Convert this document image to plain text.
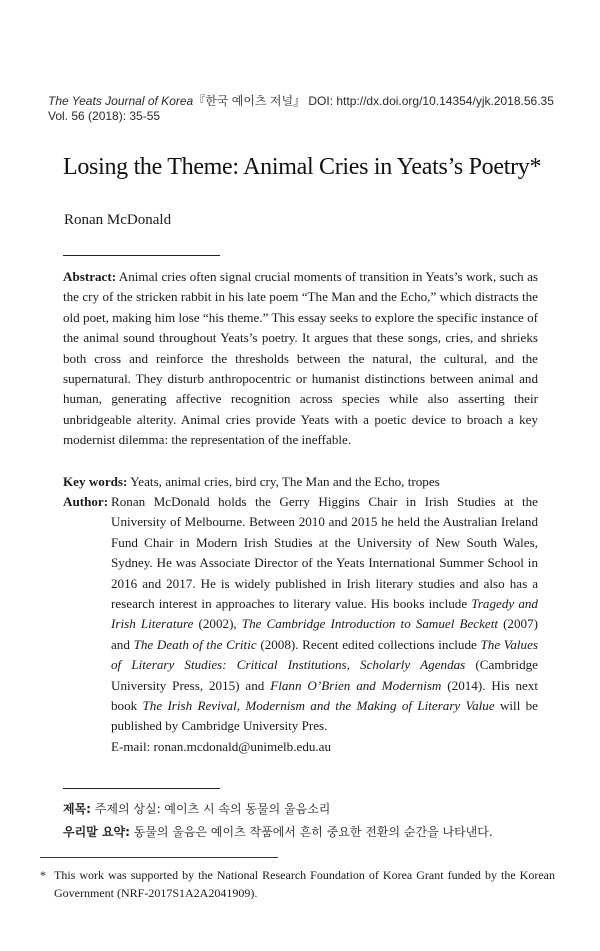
The Yeats Journal of Korea『한국 예이츠 저널』 DOI: http://dx.doi.org/10.14354/yjk.2018.56.35
Vol. 56 (2018): 35-55
Losing the Theme: Animal Cries in Yeats’s Poetry*
Ronan McDonald
Abstract: Animal cries often signal crucial moments of transition in Yeats’s work, such as the cry of the stricken rabbit in his late poem “The Man and the Echo,” which distracts the old poet, making him lose “his theme.” This essay seeks to explore the specific instance of the animal sound throughout Yeats’s poetry. It argues that these songs, cries, and shrieks both cross and reinforce the thresholds between the natural, the cultural, and the supernatural. They disturb anthropocentric or humanist distinctions between animal and human, generating affective recognition across species while also asserting their unbridgeable alterity. Animal cries provide Yeats with a poetic device to broach a key modernist dilemma: the representation of the ineffable.
Key words: Yeats, animal cries, bird cry, The Man and the Echo, tropes
Author: Ronan McDonald holds the Gerry Higgins Chair in Irish Studies at the University of Melbourne. Between 2010 and 2015 he held the Australian Ireland Fund Chair in Modern Irish Studies at the University of New South Wales, Sydney. He was Associate Director of the Yeats International Summer School in 2016 and 2017. He is widely published in Irish literary studies and also has a research interest in approaches to literary value. His books include Tragedy and Irish Literature (2002), The Cambridge Introduction to Samuel Beckett (2007) and The Death of the Critic (2008). Recent edited collections include The Values of Literary Studies: Critical Institutions, Scholarly Agendas (Cambridge University Press, 2015) and Flann O’Brien and Modernism (2014). His next book The Irish Revival, Modernism and the Making of Literary Value will be published by Cambridge University Pres.
E-mail: ronan.mcdonald@unimelb.edu.au
제목: 주제의 상실: 예이츠 시 속의 동물의 울음소리
우리말 요약: 동물의 울음은 예이츠 작품에서 흔히 중요한 전환의 순간을 나타낸다.
* This work was supported by the National Research Foundation of Korea Grant funded by the Korean Government (NRF-2017S1A2A2041909).
